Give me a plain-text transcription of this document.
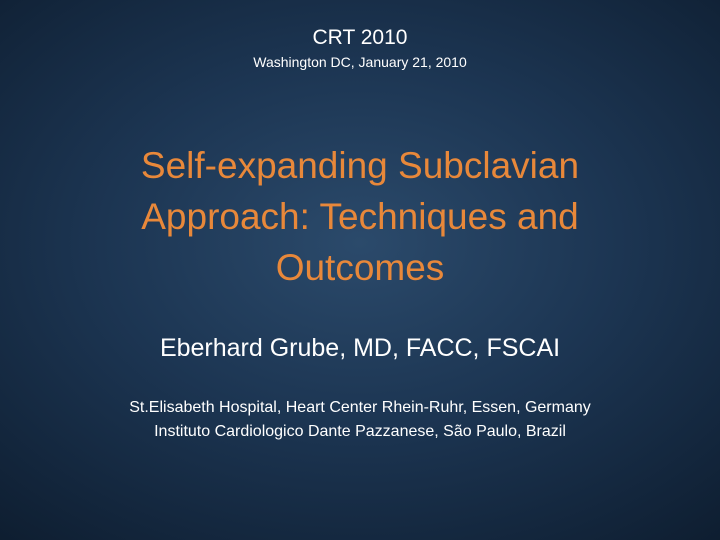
CRT 2010
Washington DC, January 21, 2010
Self-expanding Subclavian
Approach: Techniques and
Outcomes
Eberhard Grube, MD, FACC, FSCAI
St.Elisabeth Hospital, Heart Center Rhein-Ruhr, Essen, Germany
Instituto Cardiologico Dante Pazzanese, São Paulo, Brazil
